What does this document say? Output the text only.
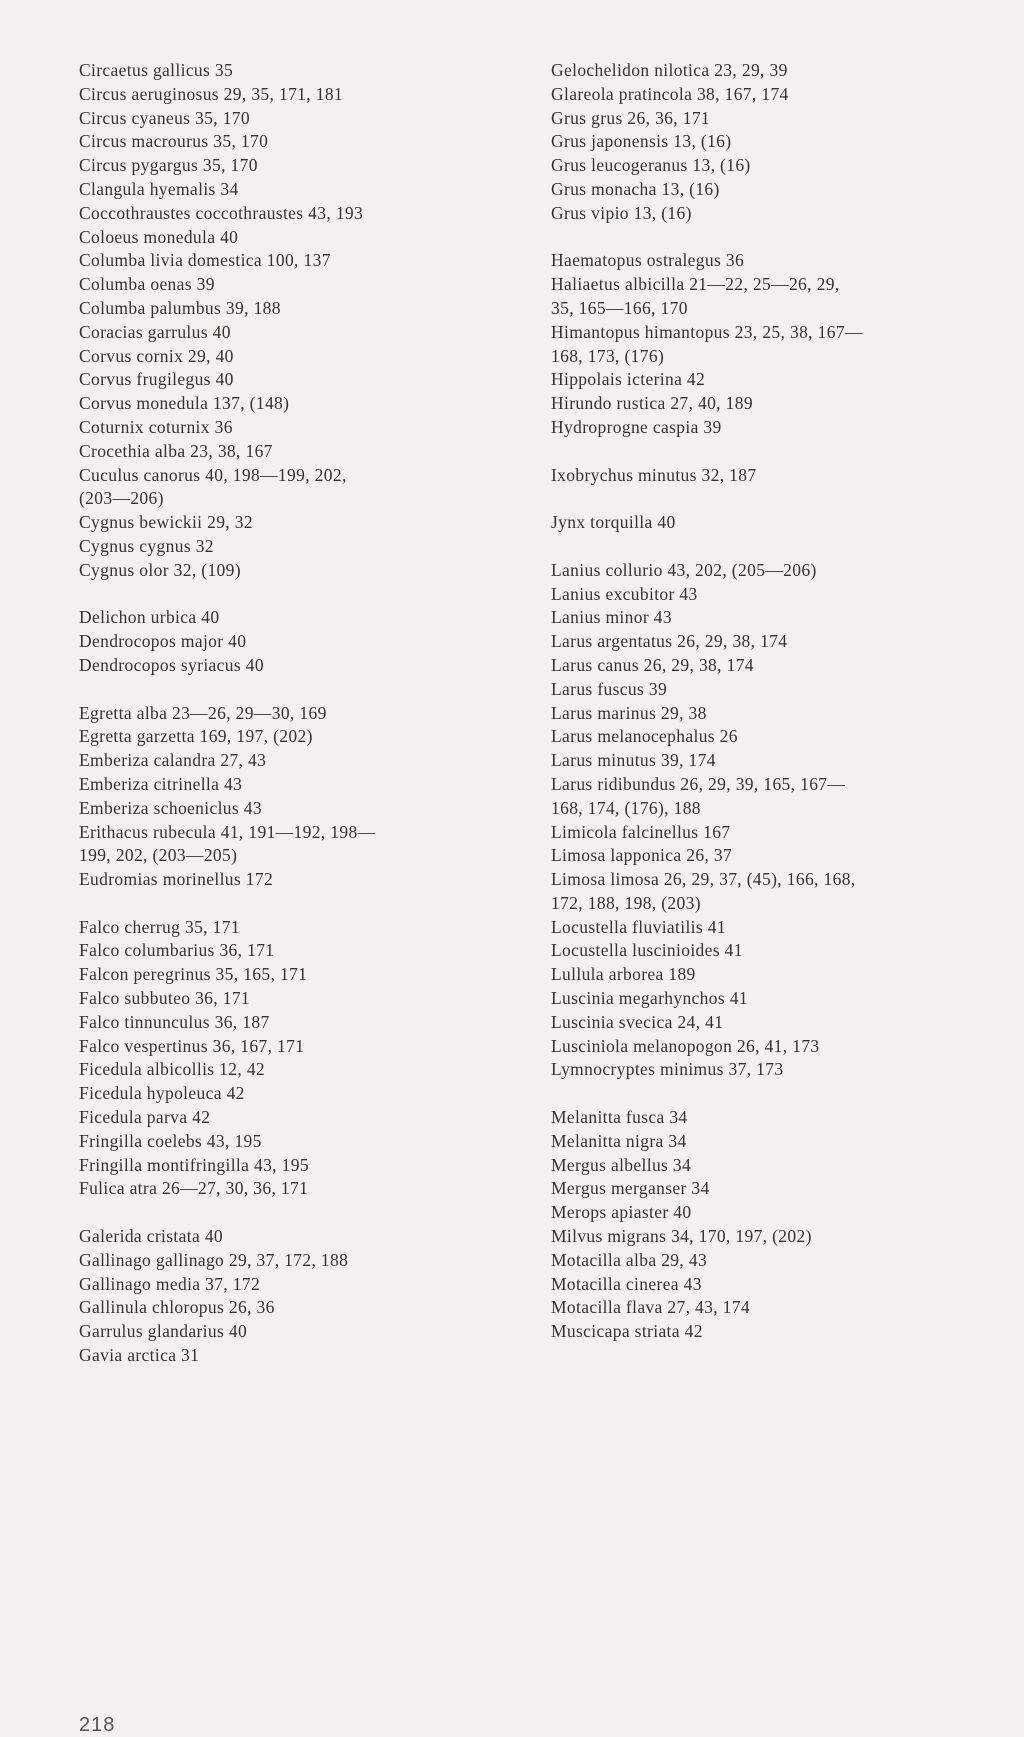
Circaetus gallicus 35
Circus aeruginosus 29, 35, 171, 181
Circus cyaneus 35, 170
Circus macrourus 35, 170
Circus pygargus 35, 170
Clangula hyemalis 34
Coccothraustes coccothraustes 43, 193
Coloeus monedula 40
Columba livia domestica 100, 137
Columba oenas 39
Columba palumbus 39, 188
Coracias garrulus 40
Corvus cornix 29, 40
Corvus frugilegus 40
Corvus monedula 137, (148)
Coturnix coturnix 36
Crocethia alba 23, 38, 167
Cuculus canorus 40, 198—199, 202,
(203—206)
Cygnus bewickii 29, 32
Cygnus cygnus 32
Cygnus olor 32, (109)
Delichon urbica 40
Dendrocopos major 40
Dendrocopos syriacus 40
Egretta alba 23—26, 29—30, 169
Egretta garzetta 169, 197, (202)
Emberiza calandra 27, 43
Emberiza citrinella 43
Emberiza schoeniclus 43
Erithacus rubecula 41, 191—192, 198—
199, 202, (203—205)
Eudromias morinellus 172
Falco cherrug 35, 171
Falco columbarius 36, 171
Falcon peregrinus 35, 165, 171
Falco subbuteo 36, 171
Falco tinnunculus 36, 187
Falco vespertinus 36, 167, 171
Ficedula albicollis 12, 42
Ficedula hypoleuca 42
Ficedula parva 42
Fringilla coelebs 43, 195
Fringilla montifringilla 43, 195
Fulica atra 26—27, 30, 36, 171
Galerida cristata 40
Gallinago gallinago 29, 37, 172, 188
Gallinago media 37, 172
Gallinula chloropus 26, 36
Garrulus glandarius 40
Gavia arctica 31
Gelochelidon nilotica 23, 29, 39
Glareola pratincola 38, 167, 174
Grus grus 26, 36, 171
Grus japonensis 13, (16)
Grus leucogeranus 13, (16)
Grus monacha 13, (16)
Grus vipio 13, (16)
Haematopus ostralegus 36
Haliaetus albicilla 21—22, 25—26, 29,
35, 165—166, 170
Himantopus himantopus 23, 25, 38, 167—
168, 173, (176)
Hippolais icterina 42
Hirundo rustica 27, 40, 189
Hydroprogne caspia 39
Ixobrychus minutus 32, 187
Jynx torquilla 40
Lanius collurio 43, 202, (205—206)
Lanius excubitor 43
Lanius minor 43
Larus argentatus 26, 29, 38, 174
Larus canus 26, 29, 38, 174
Larus fuscus 39
Larus marinus 29, 38
Larus melanocephalus 26
Larus minutus 39, 174
Larus ridibundus 26, 29, 39, 165, 167—
168, 174, (176), 188
Limicola falcinellus 167
Limosa lapponica 26, 37
Limosa limosa 26, 29, 37, (45), 166, 168,
172, 188, 198, (203)
Locustella fluviatilis 41
Locustella luscinioides 41
Lullula arborea 189
Luscinia megarhynchos 41
Luscinia svecica 24, 41
Lusciniola melanopogon 26, 41, 173
Lymnocryptes minimus 37, 173
Melanitta fusca 34
Melanitta nigra 34
Mergus albellus 34
Mergus merganser 34
Merops apiaster 40
Milvus migrans 34, 170, 197, (202)
Motacilla alba 29, 43
Motacilla cinerea 43
Motacilla flava 27, 43, 174
Muscicapa striata 42
218
